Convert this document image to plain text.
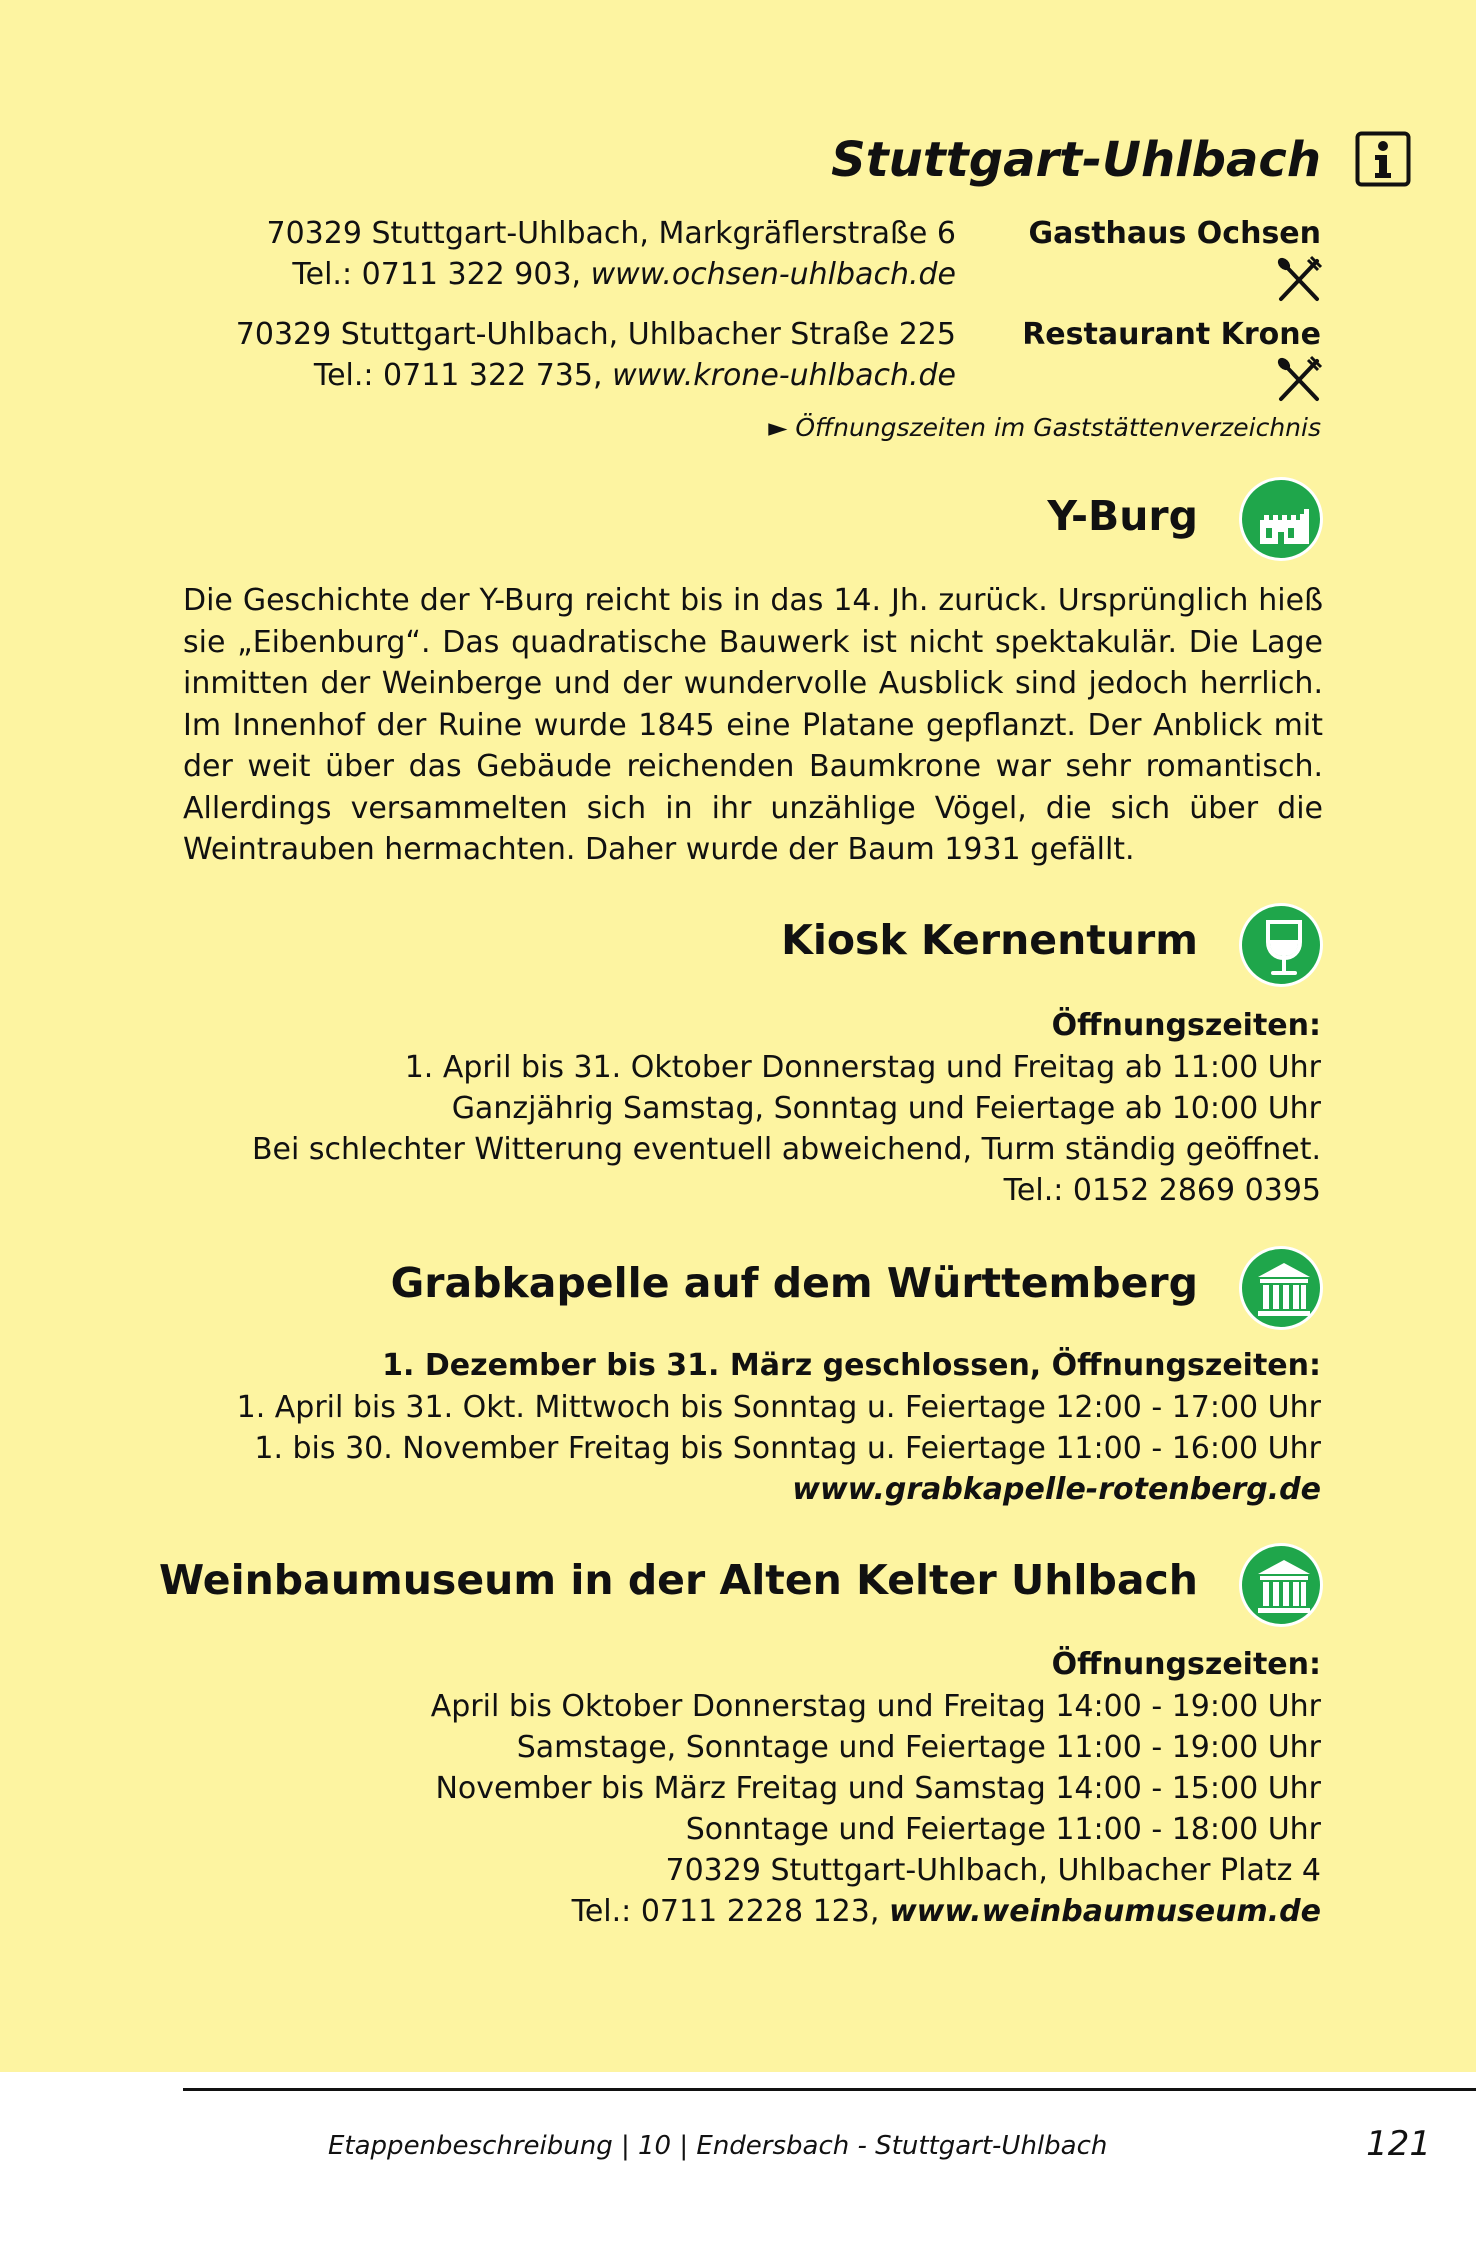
Stuttgart-Uhlbach
70329 Stuttgart-Uhlbach, Markgräflerstraße 6
Tel.: 0711 322 903, www.ochsen-uhlbach.de
Gasthaus Ochsen
70329 Stuttgart-Uhlbach, Uhlbacher Straße 225
Tel.: 0711 322 735, www.krone-uhlbach.de
Restaurant Krone
► Öffnungszeiten im Gaststättenverzeichnis
Y-Burg
Die Geschichte der Y-Burg reicht bis in das 14. Jh. zurück. Ursprünglich hieß sie „Eibenburg“. Das quadratische Bauwerk ist nicht spektakulär. Die Lage inmitten der Weinberge und der wundervolle Ausblick sind jedoch herrlich. Im Innenhof der Ruine wurde 1845 eine Platane gepflanzt. Der Anblick mit der weit über das Gebäude reichenden Baumkrone war sehr romantisch. Allerdings versammelten sich in ihr unzählige Vögel, die sich über die Weintrauben hermachten. Daher wurde der Baum 1931 gefällt.
Kiosk Kernenturm
Öffnungszeiten:
1. April bis 31. Oktober Donnerstag und Freitag ab 11:00 Uhr
Ganzjährig Samstag, Sonntag und Feiertage ab 10:00 Uhr
Bei schlechter Witterung eventuell abweichend, Turm ständig geöffnet.
Tel.: 0152 2869 0395
Grabkapelle auf dem Württemberg
1. Dezember bis 31. März geschlossen, Öffnungszeiten:
1. April bis 31. Okt. Mittwoch bis Sonntag u. Feiertage 12:00 - 17:00 Uhr
1. bis 30. November Freitag bis Sonntag u. Feiertage 11:00 - 16:00 Uhr
www.grabkapelle-rotenberg.de
Weinbaumuseum in der Alten Kelter Uhlbach
Öffnungszeiten:
April bis Oktober Donnerstag und Freitag 14:00 - 19:00 Uhr
Samstage, Sonntage und Feiertage 11:00 - 19:00 Uhr
November bis März Freitag und Samstag 14:00 - 15:00 Uhr
Sonntage und Feiertage 11:00 - 18:00 Uhr
70329 Stuttgart-Uhlbach, Uhlbacher Platz 4
Tel.: 0711 2228 123, www.weinbaumuseum.de
Etappenbeschreibung | 10 | Endersbach - Stuttgart-Uhlbach	121
